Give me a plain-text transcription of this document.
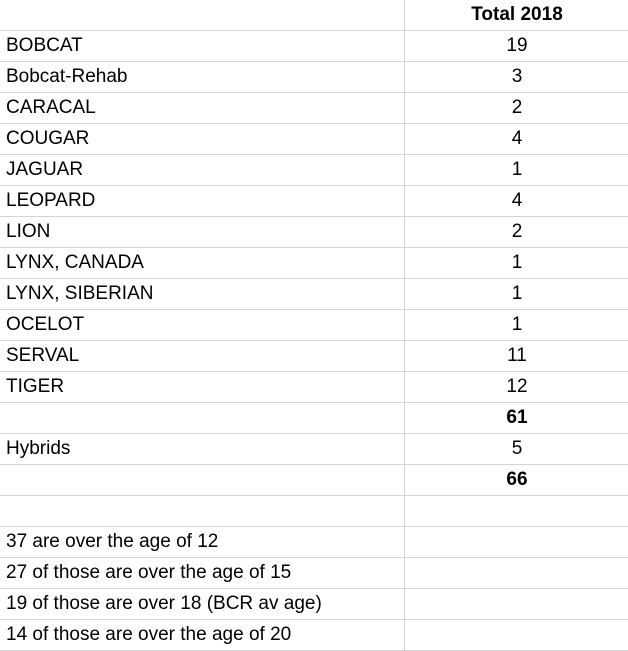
	Total 2018
BOBCAT	19
Bobcat-Rehab	3
CARACAL	2
COUGAR	4
JAGUAR	1
LEOPARD	4
LION	2
LYNX, CANADA	1
LYNX, SIBERIAN	1
OCELOT	1
SERVAL	11
TIGER	12
	61
Hybrids	5
	66

37 are over the age of 12	
27 of those are over the age of 15	
19 of those are over 18 (BCR av age)	
14 of those are over the age of 20	
